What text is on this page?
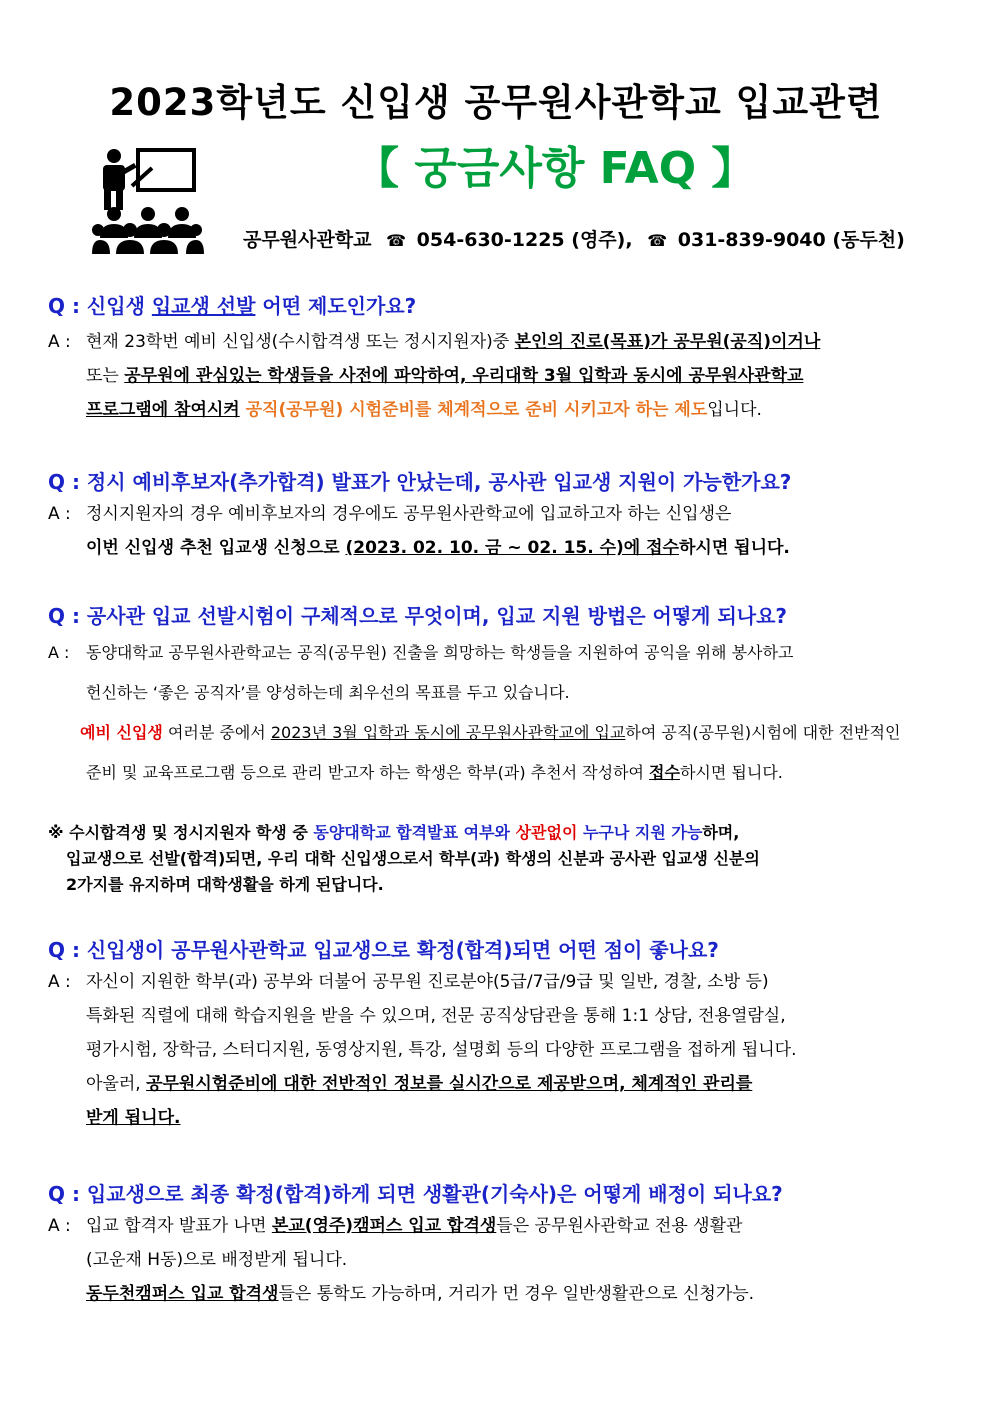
2023학년도 신입생 공무원사관학교 입교관련
【 궁금사항 FAQ 】
공무원사관학교 ☎ 054-630-1225 (영주), ☎ 031-839-9040 (동두천)
Q : 신입생 입교생 선발 어떤 제도인가요?
A : 현재 23학번 예비 신입생(수시합격생 또는 정시지원자)중 본인의 진로(목표)가 공무원(공직)이거나
또는 공무원에 관심있는 학생들을 사전에 파악하여, 우리대학 3월 입학과 동시에 공무원사관학교
프로그램에 참여시켜 공직(공무원) 시험준비를 체계적으로 준비 시키고자 하는 제도입니다.
Q : 정시 예비후보자(추가합격) 발표가 안났는데, 공사관 입교생 지원이 가능한가요?
A : 정시지원자의 경우 예비후보자의 경우에도 공무원사관학교에 입교하고자 하는 신입생은
이번 신입생 추천 입교생 신청으로 (2023. 02. 10. 금 ~ 02. 15. 수)에 접수하시면 됩니다.
Q : 공사관 입교 선발시험이 구체적으로 무엇이며, 입교 지원 방법은 어떻게 되나요?
A : 동양대학교 공무원사관학교는 공직(공무원) 진출을 희망하는 학생들을 지원하여 공익을 위해 봉사하고
헌신하는 ‘좋은 공직자’를 양성하는데 최우선의 목표를 두고 있습니다.
예비 신입생 여러분 중에서 2023년 3월 입학과 동시에 공무원사관학교에 입교하여 공직(공무원)시험에 대한 전반적인
준비 및 교육프로그램 등으로 관리 받고자 하는 학생은 학부(과) 추천서 작성하여 접수하시면 됩니다.
※ 수시합격생 및 정시지원자 학생 중 동양대학교 합격발표 여부와 상관없이 누구나 지원 가능하며,
입교생으로 선발(합격)되면, 우리 대학 신입생으로서 학부(과) 학생의 신분과 공사관 입교생 신분의
2가지를 유지하며 대학생활을 하게 된답니다.
Q : 신입생이 공무원사관학교 입교생으로 확정(합격)되면 어떤 점이 좋나요?
A : 자신이 지원한 학부(과) 공부와 더불어 공무원 진로분야(5급/7급/9급 및 일반, 경찰, 소방 등)
특화된 직렬에 대해 학습지원을 받을 수 있으며, 전문 공직상담관을 통해 1:1 상담, 전용열람실,
평가시험, 장학금, 스터디지원, 동영상지원, 특강, 설명회 등의 다양한 프로그램을 접하게 됩니다.
아울러, 공무원시험준비에 대한 전반적인 정보를 실시간으로 제공받으며, 체계적인 관리를
받게 됩니다.
Q : 입교생으로 최종 확정(합격)하게 되면 생활관(기숙사)은 어떻게 배정이 되나요?
A : 입교 합격자 발표가 나면 본교(영주)캠퍼스 입교 합격생들은 공무원사관학교 전용 생활관
(고운재 H동)으로 배정받게 됩니다.
동두천캠퍼스 입교 합격생들은 통학도 가능하며, 거리가 먼 경우 일반생활관으로 신청가능.
